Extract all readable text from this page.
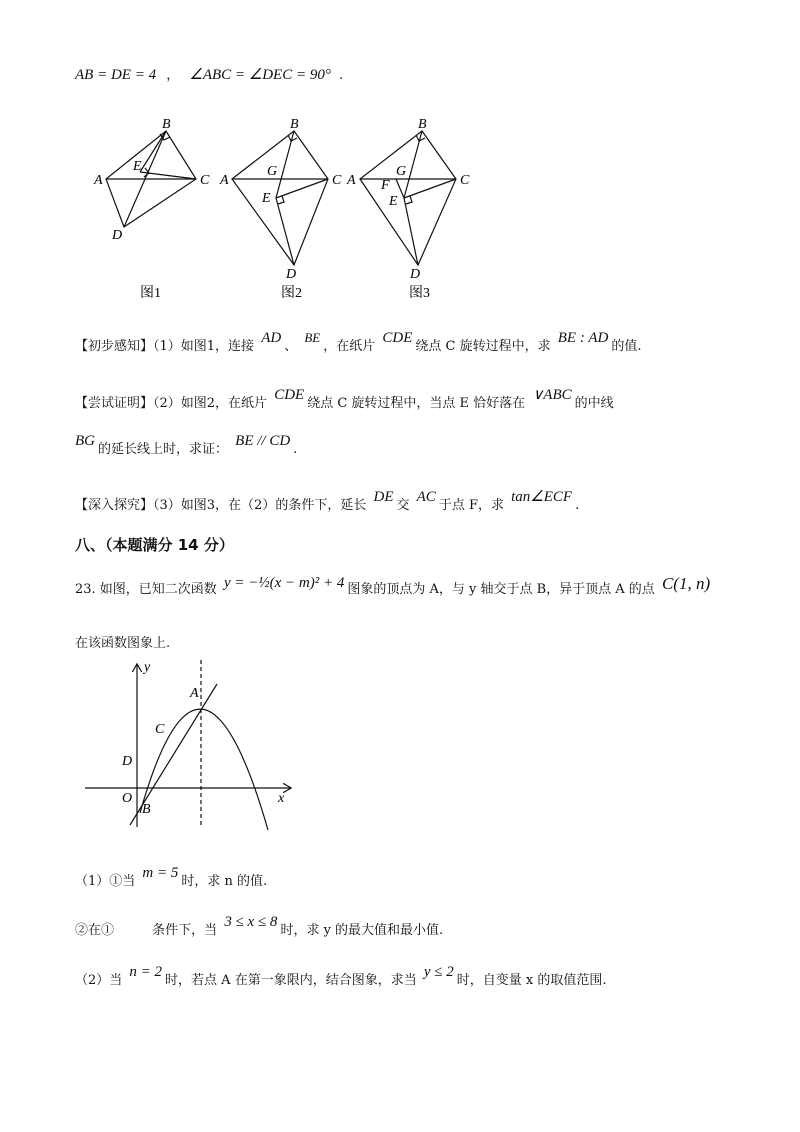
AB = DE = 4 ， ∠ABC = ∠DEC = 90° .
B
A	C
E
D
B
A	C
G
E
D
B
A	C
G
F
E
D
图1	图2	图3
【初步感知】（1）如图1，连接 AD、 BE，在纸片 CDE绕点 C 旋转过程中，求 BE : AD的值.
【尝试证明】（2）如图2，在纸片 CDE绕点 C 旋转过程中，当点 E 恰好落在 ∨ABC的中线
BG的延长线上时，求证： BE // CD.
【深入探究】（3）如图3，在（2）的条件下，延长 DE交 AC于点 F，求 tan∠ECF.
八、（本题满分 14 分）
23. 如图，已知二次函数 y = −½(x − m)² + 4 图象的顶点为 A，与 y 轴交于点 B，异于顶点 A 的点 C(1, n)
在该函数图象上.
y
x
A
C
D
O
B
（1）①当 m = 5时，求 n 的值.
②在①	条件下，当 3 ≤ x ≤ 8时，求 y 的最大值和最小值.
（2）当 n = 2时，若点 A 在第一象限内，结合图象，求当 y ≤ 2时，自变量 x 的取值范围.
